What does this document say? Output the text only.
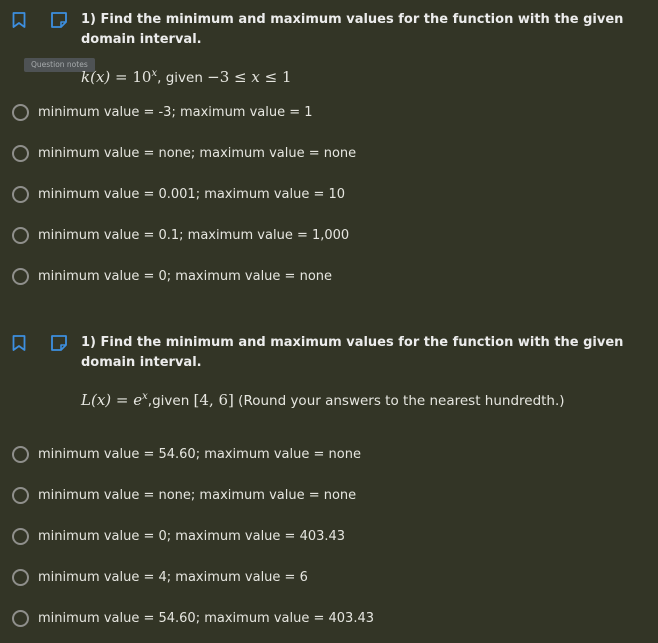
1) Find the minimum and maximum values for the function with the given domain interval.
Question notes
$k(x) = 10^x$, given −3 ≤ x ≤ 1
minimum value = -3; maximum value = 1
minimum value = none; maximum value = none
minimum value = 0.001; maximum value = 10
minimum value = 0.1; maximum value = 1,000
minimum value = 0; maximum value = none
1) Find the minimum and maximum values for the function with the given domain interval.
$L(x) = e^x,given$ [4, 6] (Round your answers to the nearest hundredth.)
minimum value = 54.60; maximum value = none
minimum value = none; maximum value = none
minimum value = 0; maximum value = 403.43
minimum value = 4; maximum value = 6
minimum value = 54.60; maximum value = 403.43
